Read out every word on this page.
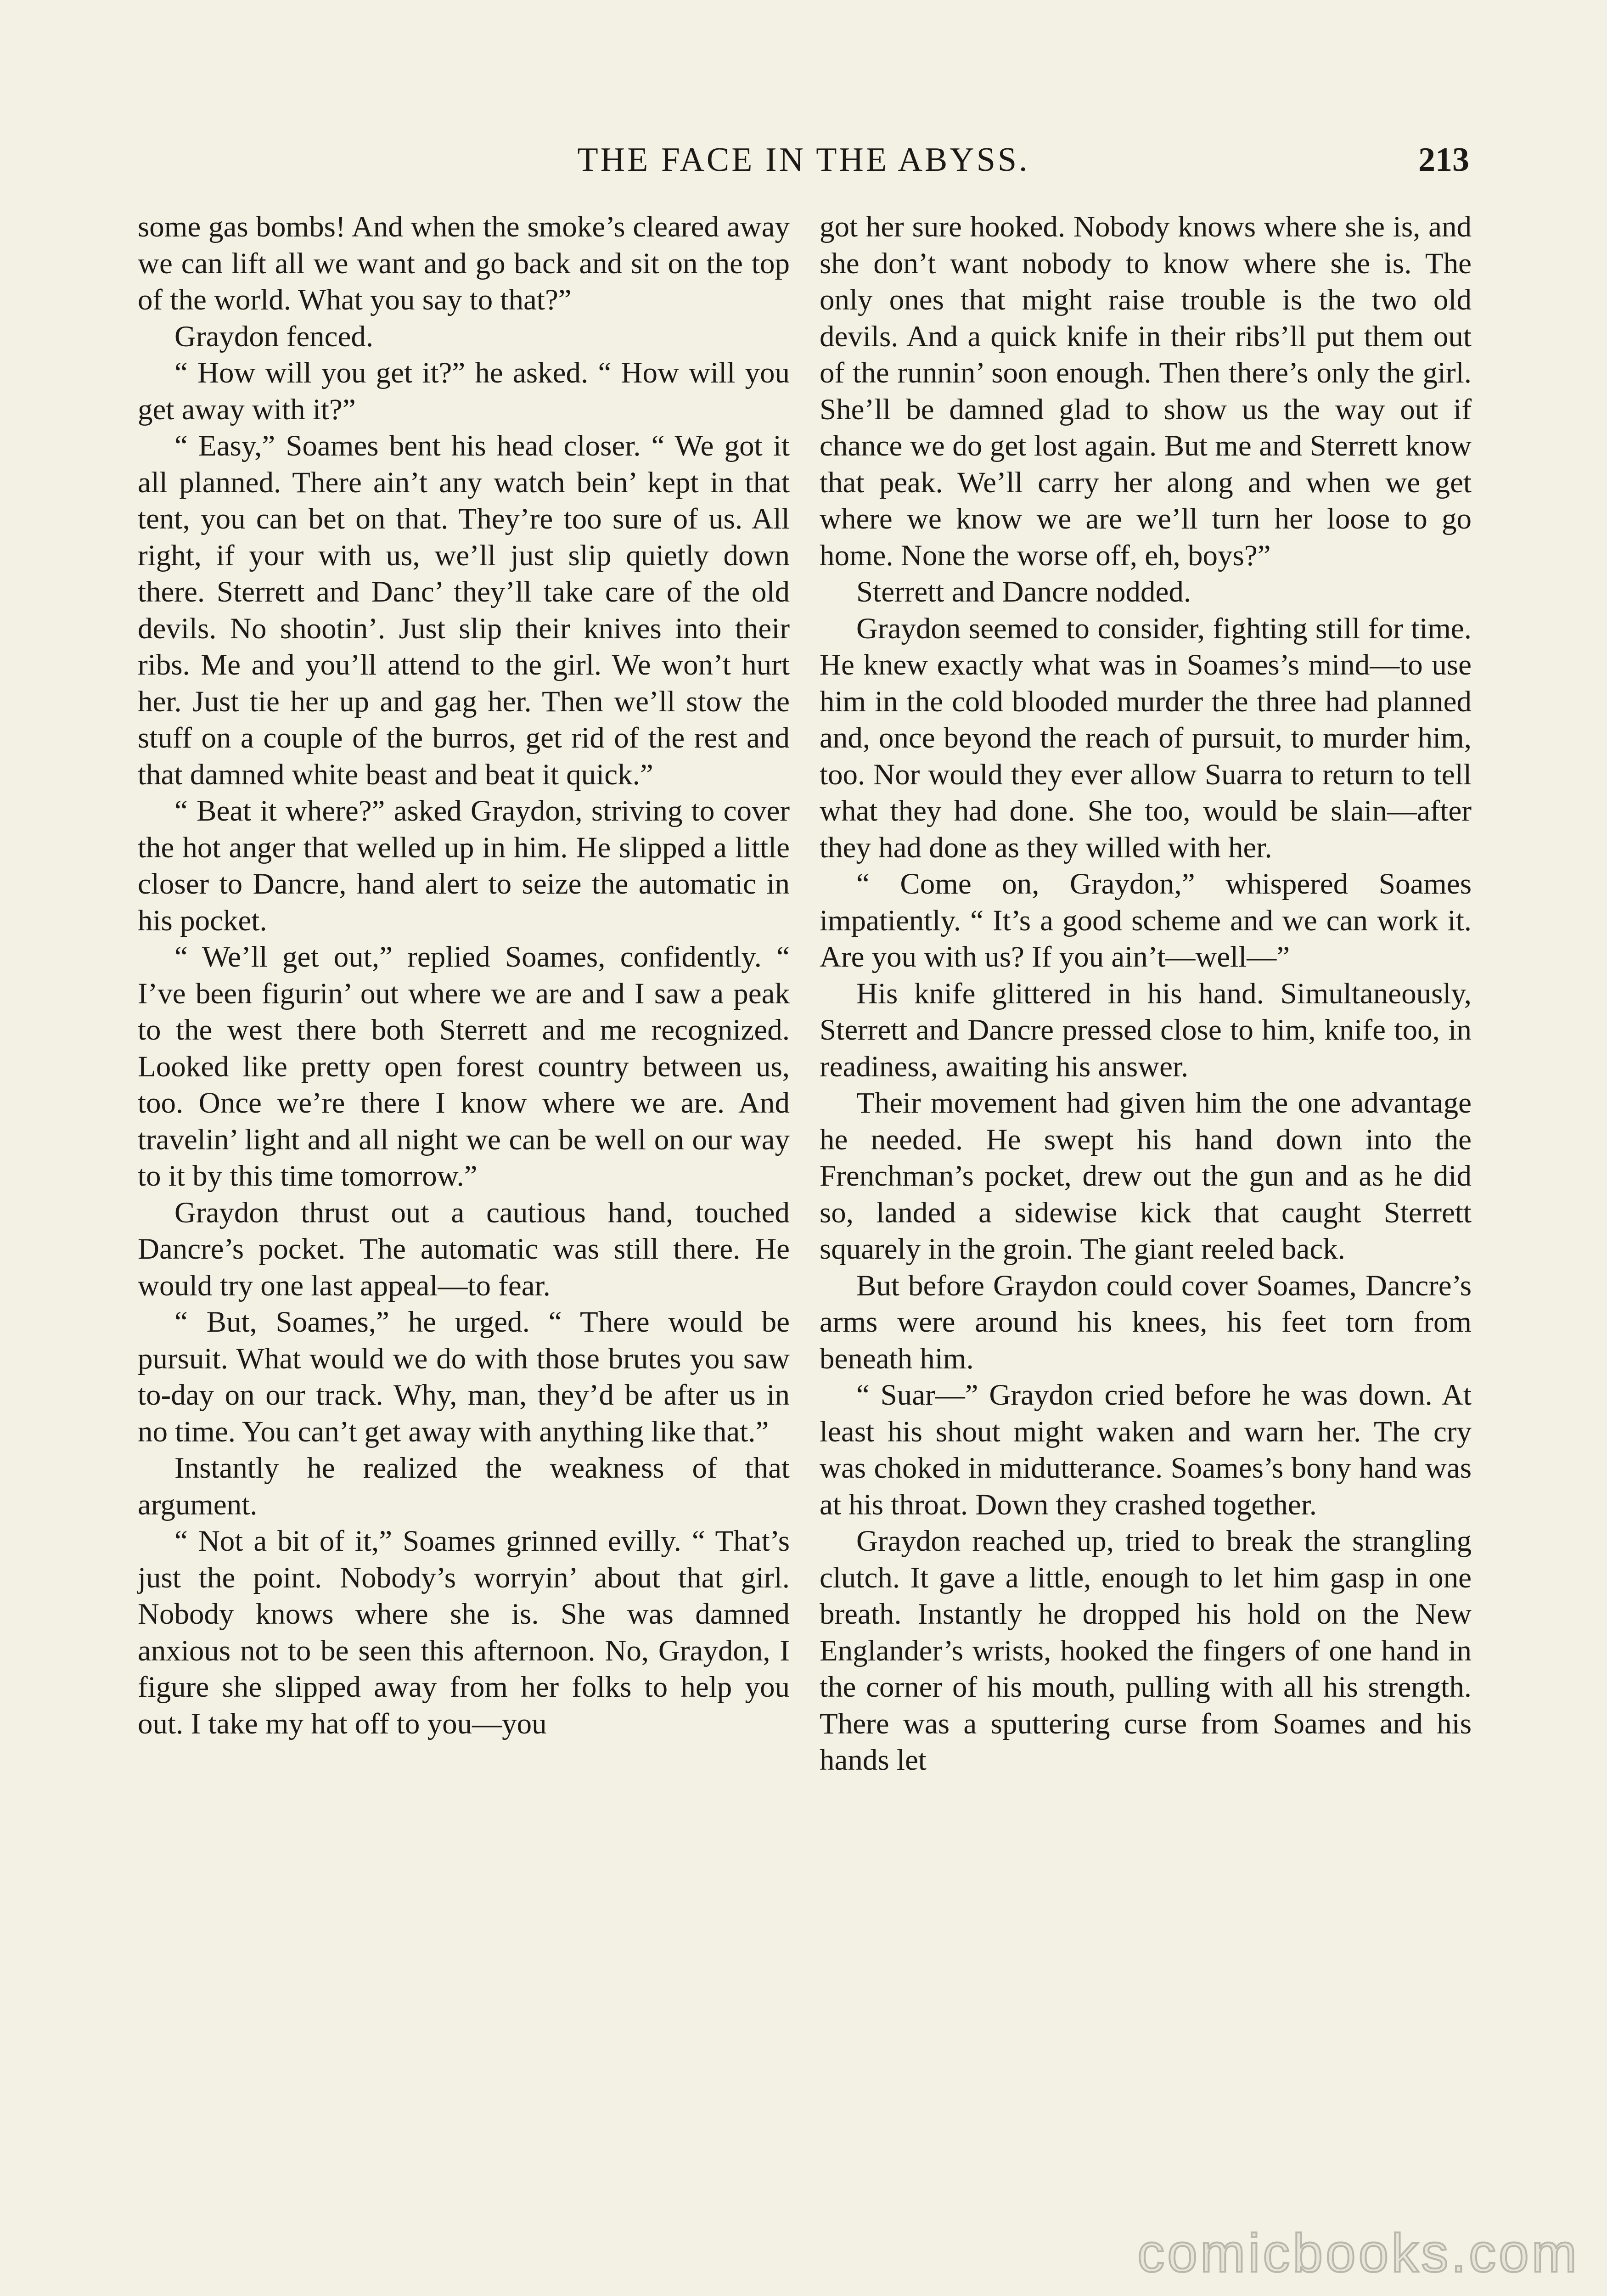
THE FACE IN THE ABYSS.	213

some gas bombs! And when the smoke’s cleared away we can lift all we want and go back and sit on the top of the world. What you say to that?”

Graydon fenced.

“ How will you get it?” he asked. “ How will you get away with it?”

“ Easy,” Soames bent his head closer. “ We got it all planned. There ain’t any watch bein’ kept in that tent, you can bet on that. They’re too sure of us. All right, if your with us, we’ll just slip quietly down there. Sterrett and Danc’ they’ll take care of the old devils. No shootin’. Just slip their knives into their ribs. Me and you’ll attend to the girl. We won’t hurt her. Just tie her up and gag her. Then we’ll stow the stuff on a couple of the burros, get rid of the rest and that damned white beast and beat it quick.”

“ Beat it where?” asked Graydon, striving to cover the hot anger that welled up in him. He slipped a little closer to Dancre, hand alert to seize the automatic in his pocket.

“ We’ll get out,” replied Soames, confidently. “ I’ve been figurin’ out where we are and I saw a peak to the west there both Sterrett and me recognized. Looked like pretty open forest country between us, too. Once we’re there I know where we are. And travelin’ light and all night we can be well on our way to it by this time tomorrow.”

Graydon thrust out a cautious hand, touched Dancre’s pocket. The automatic was still there. He would try one last appeal—to fear.

“ But, Soames,” he urged. “ There would be pursuit. What would we do with those brutes you saw to-day on our track. Why, man, they’d be after us in no time. You can’t get away with anything like that.”

Instantly he realized the weakness of that argument.

“ Not a bit of it,” Soames grinned evilly. “ That’s just the point. Nobody’s worryin’ about that girl. Nobody knows where she is. She was damned anxious not to be seen this afternoon. No, Graydon, I figure she slipped away from her folks to help you out. I take my hat off to you—you

got her sure hooked. Nobody knows where she is, and she don’t want nobody to know where she is. The only ones that might raise trouble is the two old devils. And a quick knife in their ribs’ll put them out of the runnin’ soon enough. Then there’s only the girl. She’ll be damned glad to show us the way out if chance we do get lost again. But me and Sterrett know that peak. We’ll carry her along and when we get where we know we are we’ll turn her loose to go home. None the worse off, eh, boys?”

Sterrett and Dancre nodded.

Graydon seemed to consider, fighting still for time. He knew exactly what was in Soames’s mind—to use him in the cold blooded murder the three had planned and, once beyond the reach of pursuit, to murder him, too. Nor would they ever allow Suarra to return to tell what they had done. She too, would be slain—after they had done as they willed with her.

“ Come on, Graydon,” whispered Soames impatiently. “ It’s a good scheme and we can work it. Are you with us? If you ain’t—well—”

His knife glittered in his hand. Simultaneously, Sterrett and Dancre pressed close to him, knife too, in readiness, awaiting his answer.

Their movement had given him the one advantage he needed. He swept his hand down into the Frenchman’s pocket, drew out the gun and as he did so, landed a sidewise kick that caught Sterrett squarely in the groin. The giant reeled back.

But before Graydon could cover Soames, Dancre’s arms were around his knees, his feet torn from beneath him.

“ Suar—” Graydon cried before he was down. At least his shout might waken and warn her. The cry was choked in midutterance. Soames’s bony hand was at his throat. Down they crashed together.

Graydon reached up, tried to break the strangling clutch. It gave a little, enough to let him gasp in one breath. Instantly he dropped his hold on the New Englander’s wrists, hooked the fingers of one hand in the corner of his mouth, pulling with all his strength. There was a sputtering curse from Soames and his hands let

comicbooks.com
